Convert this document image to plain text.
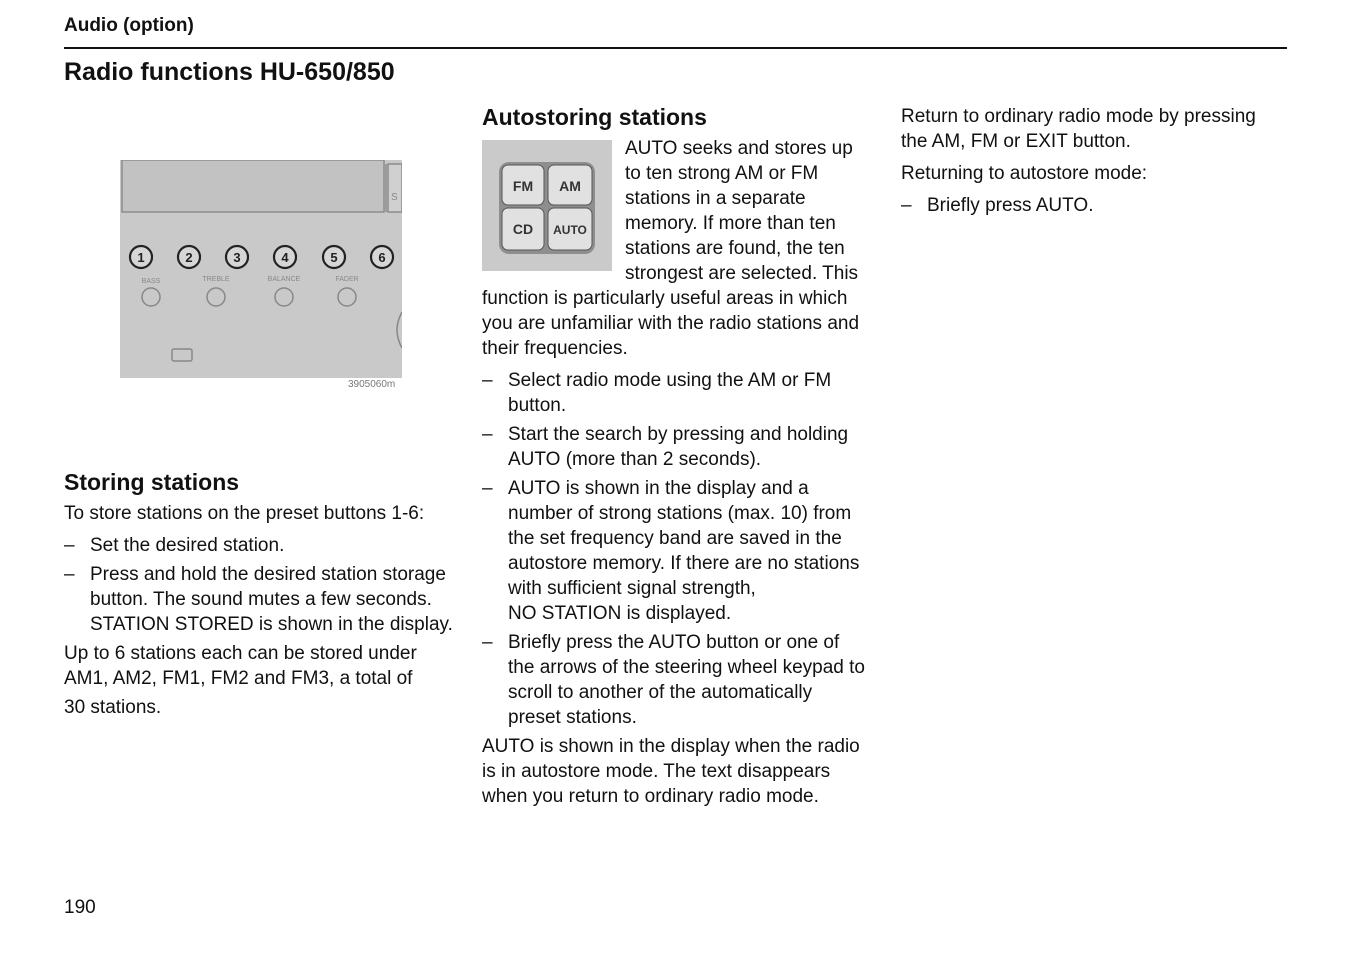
Audio (option)
Radio functions HU-650/850
S
1	2	3	4	5	6
BASS	TREBLE	BALANCE	FADER
3905060m
Storing stations

To store stations on the preset buttons 1-6:

– Set the desired station.
– Press and hold the desired station storage button. The sound mutes a few seconds. STATION STORED is shown in the display.

Up to 6 stations each can be stored under AM1, AM2, FM1, FM2 and FM3, a total of

30 stations.

Autostoring stations
FM AM
CD AUTO

AUTO seeks and stores up

to ten strong AM or FM

stations in a separate

memory. If more than ten

stations are found, the ten

strongest are selected. This

function is particularly useful areas in which you are unfamiliar with the radio stations and their frequencies.

– Select radio mode using the AM or FM button.
– Start the search by pressing and holding AUTO (more than 2 seconds).
– AUTO is shown in the display and a number of strong stations (max. 10) from the set frequency band are saved in the autostore memory. If there are no stations with sufficient signal strength,
NO STATION is displayed.
– Briefly press the AUTO button or one of the arrows of the steering wheel keypad to scroll to another of the automatically preset stations.

AUTO is shown in the display when the radio is in autostore mode. The text disappears when you return to ordinary radio mode.

Return to ordinary radio mode by pressing the AM, FM or EXIT button.

Returning to autostore mode:

– Briefly press AUTO.
190
